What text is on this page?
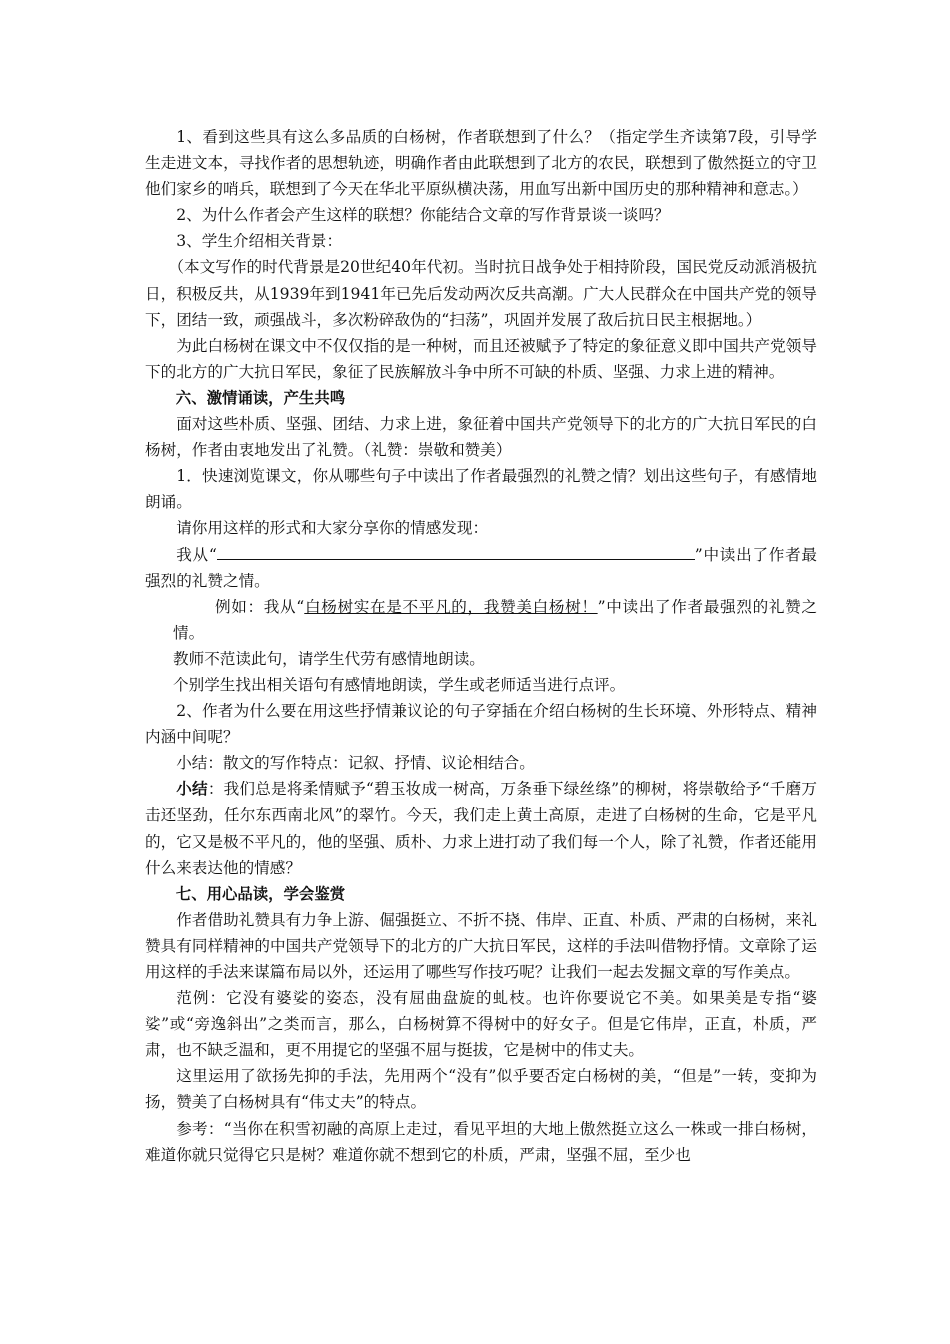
1、看到这些具有这么多品质的白杨树，作者联想到了什么？（指定学生齐读第7段，引导学生走进文本，寻找作者的思想轨迹，明确作者由此联想到了北方的农民，联想到了傲然挺立的守卫他们家乡的哨兵，联想到了今天在华北平原纵横决荡，用血写出新中国历史的那种精神和意志。）

2、为什么作者会产生这样的联想？你能结合文章的写作背景谈一谈吗？

3、学生介绍相关背景：

（本文写作的时代背景是20世纪40年代初。当时抗日战争处于相持阶段，国民党反动派消极抗日，积极反共，从1939年到1941年已先后发动两次反共高潮。广大人民群众在中国共产党的领导下，团结一致，顽强战斗，多次粉碎敌伪的“扫荡”，巩固并发展了敌后抗日民主根据地。）

为此白杨树在课文中不仅仅指的是一种树，而且还被赋予了特定的象征意义即中国共产党领导下的北方的广大抗日军民，象征了民族解放斗争中所不可缺的朴质、坚强、力求上进的精神。

六、激情诵读，产生共鸣

面对这些朴质、坚强、团结、力求上进，象征着中国共产党领导下的北方的广大抗日军民的白杨树，作者由衷地发出了礼赞。（礼赞：崇敬和赞美）

1．快速浏览课文，你从哪些句子中读出了作者最强烈的礼赞之情？划出这些句子，有感情地朗诵。

请你用这样的形式和大家分享你的情感发现：

我从“	”中读出了作者最强烈的礼赞之情。

例如：我从“白杨树实在是不平凡的，我赞美白杨树！”中读出了作者最强烈的礼赞之情。

教师不范读此句，请学生代劳有感情地朗读。

个别学生找出相关语句有感情地朗读，学生或老师适当进行点评。

2、作者为什么要在用这些抒情兼议论的句子穿插在介绍白杨树的生长环境、外形特点、精神内涵中间呢？

小结：散文的写作特点：记叙、抒情、议论相结合。

小结：我们总是将柔情赋予“碧玉妆成一树高，万条垂下绿丝绦”的柳树，将崇敬给予“千磨万击还坚劲，任尔东西南北风”的翠竹。今天，我们走上黄土高原，走进了白杨树的生命，它是平凡的，它又是极不平凡的，他的坚强、质朴、力求上进打动了我们每一个人，除了礼赞，作者还能用什么来表达他的情感？

七、用心品读，学会鉴赏

作者借助礼赞具有力争上游、倔强挺立、不折不挠、伟岸、正直、朴质、严肃的白杨树，来礼赞具有同样精神的中国共产党领导下的北方的广大抗日军民，这样的手法叫借物抒情。文章除了运用这样的手法来谋篇布局以外，还运用了哪些写作技巧呢？让我们一起去发掘文章的写作美点。

范例：它没有婆娑的姿态，没有屈曲盘旋的虬枝。也许你要说它不美。如果美是专指“婆娑”或“旁逸斜出”之类而言，那么，白杨树算不得树中的好女子。但是它伟岸，正直，朴质，严肃，也不缺乏温和，更不用提它的坚强不屈与挺拔，它是树中的伟丈夫。

这里运用了欲扬先抑的手法，先用两个“没有”似乎要否定白杨树的美，“但是”一转，变抑为扬，赞美了白杨树具有“伟丈夫”的特点。

参考：“当你在积雪初融的高原上走过，看见平坦的大地上傲然挺立这么一株或一排白杨树，难道你就只觉得它只是树？难道你就不想到它的朴质，严肃，坚强不屈，至少也
